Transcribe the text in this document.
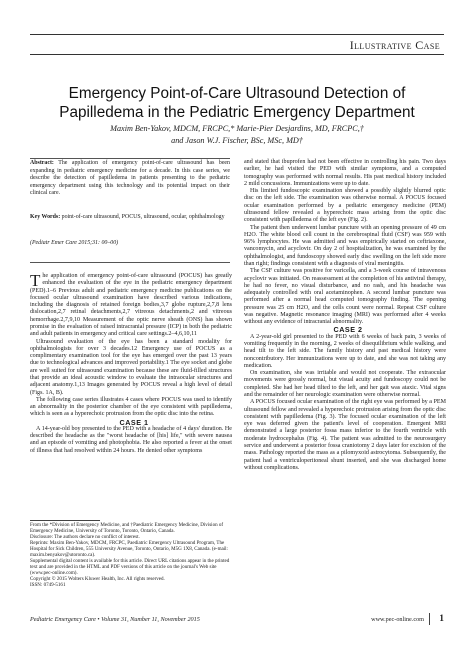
Illustrative Case
Emergency Point-of-Care Ultrasound Detection of Papilledema in the Pediatric Emergency Department
Maxim Ben-Yakov, MDCM, FRCPC,* Marie-Pier Desjardins, MD, FRCPC,†
and Jason W.J. Fischer, BSc, MSc, MD†
Abstract: The application of emergency point-of-care ultrasound has been expanding in pediatric emergency medicine for a decade. In this case series, we describe the detection of papilledema in patients presenting to the pediatric emergency department using this technology and its potential impact on their clinical care.
Key Words: point-of-care ultrasound, POCUS, ultrasound, ocular, ophthalmology
(Pediatr Emer Care 2015;31: 00–00)

The application of emergency point-of-care ultrasound (POCUS) has greatly enhanced the evaluation of the eye in the pediatric emergency department (PED).1–6 Previous adult and pediatric emergency medicine publications on the focused ocular ultrasound examination have described various indications, including the diagnosis of retained foreign bodies,3,7 globe rupture,2,7,8 lens dislocation,2,7 retinal detachments,2,7 vitreous detachments,2 and vitreous hemorrhage.2,7,9,10 Measurement of the optic nerve sheath (ONS) has shown promise in the evaluation of raised intracranial pressure (ICP) in both the pediatric and adult patients in emergency and critical care settings.2–4,6,10,11

Ultrasound evaluation of the eye has been a standard modality for ophthalmologists for over 3 decades.12 Emergency use of POCUS as a complimentary examination tool for the eye has emerged over the past 13 years due to technological advances and improved portability.1 The eye socket and globe are well suited for ultrasound examination because these are fluid-filled structures that provide an ideal acoustic window to evaluate the intraocular structures and adjacent anatomy.1,13 Images generated by POCUS reveal a high level of detail (Figs. 1A, B).

The following case series illustrates 4 cases where POCUS was used to identify an abnormality in the posterior chamber of the eye consistent with papilledema, which is seen as a hyperechoic protrusion from the optic disc into the retina.

CASE 1

A 14-year-old boy presented to the PED with a headache of 4 days' duration. He described the headache as the "worst headache of [his] life," with severe nausea and an episode of vomiting and photophobia. He also reported a fever at the onset of illness that had resolved within 24 hours. He denied other symptoms

From the *Division of Emergency Medicine, and †Paediatric Emergency Medicine, Division of Emergency Medicine, University of Toronto, Toronto, Ontario, Canada.

Disclosure: The authors declare no conflict of interest.

Reprints: Maxim Ben-Yakov, MDCM, FRCPC, Paediatric Emergency Ultrasound Program, The Hospital for Sick Children, 555 University Avenue, Toronto, Ontario, M5G 1X8, Canada. (e-mail: maxim.benyakov@utoronto.ca).

Supplemental digital content is available for this article. Direct URL citations appear in the printed text and are provided in the HTML and PDF versions of this article on the journal's Web site (www.pec-online.com).

Copyright © 2015 Wolters Kluwer Health, Inc. All rights reserved.

ISSN: 0749-5161

and stated that ibuprofen had not been effective in controlling his pain. Two days earlier, he had visited the PED with similar symptoms, and a computed tomography was performed with normal results. His past medical history included 2 mild concussions. Immunizations were up to date.

His limited fundoscopic examination showed a possibly slightly blurred optic disc on the left side. The examination was otherwise normal. A POCUS focused ocular examination performed by a pediatric emergency medicine (PEM) ultrasound fellow revealed a hyperechoic mass arising from the optic disc consistent with papilledema of the left eye (Fig. 2).

The patient then underwent lumbar puncture with an opening pressure of 49 cm H2O. The white blood cell count in the cerebrospinal fluid (CSF) was 959 with 96% lymphocytes. He was admitted and was empirically started on ceftriaxone, vancomycin, and acyclovir. On day 2 of hospitalization, he was examined by the ophthalmologist, and fundoscopy showed early disc swelling on the left side more than right; findings consistent with a diagnosis of viral meningitis.

The CSF culture was positive for varicella, and a 3-week course of intravenous acyclovir was initiated. On reassessment at the completion of his antiviral therapy, he had no fever, no visual disturbance, and no rash, and his headache was adequately controlled with oral acetaminophen. A second lumbar puncture was performed after a normal head computed tomography finding. The opening pressure was 25 cm H2O, and the cells count were normal. Repeat CSF culture was negative. Magnetic resonance imaging (MRI) was performed after 4 weeks without any evidence of intracranial abnormality.

CASE 2

A 2-year-old girl presented to the PED with 6 weeks of back pain, 3 weeks of vomiting frequently in the morning, 2 weeks of disequilibrium while walking, and head tilt to the left side. The family history and past medical history were noncontributory. Her immunizations were up to date, and she was not taking any medication.

On examination, she was irritable and would not cooperate. The extraocular movements were grossly normal, but visual acuity and fundoscopy could not be completed. She had her head tilted to the left, and her gait was ataxic. Vital signs and the remainder of her neurologic examination were otherwise normal.

A POCUS focused ocular examination of the right eye was performed by a PEM ultrasound fellow and revealed a hyperechoic protrusion arising from the optic disc consistent with papilledema (Fig. 3). The focused ocular examination of the left eye was deferred given the patient's level of cooperation. Emergent MRI demonstrated a large posterior fossa mass inferior to the fourth ventricle with moderate hydrocephalus (Fig. 4). The patient was admitted to the neurosurgery service and underwent a posterior fossa craniotomy 2 days later for excision of the mass. Pathology reported the mass as a pilomyxoid astrocytoma. Subsequently, the patient had a ventriculoperitoneal shunt inserted, and she was discharged home without complications.

Pediatric Emergency Care • Volume 31, Number 11, November 2015	www.pec-online.com 1
